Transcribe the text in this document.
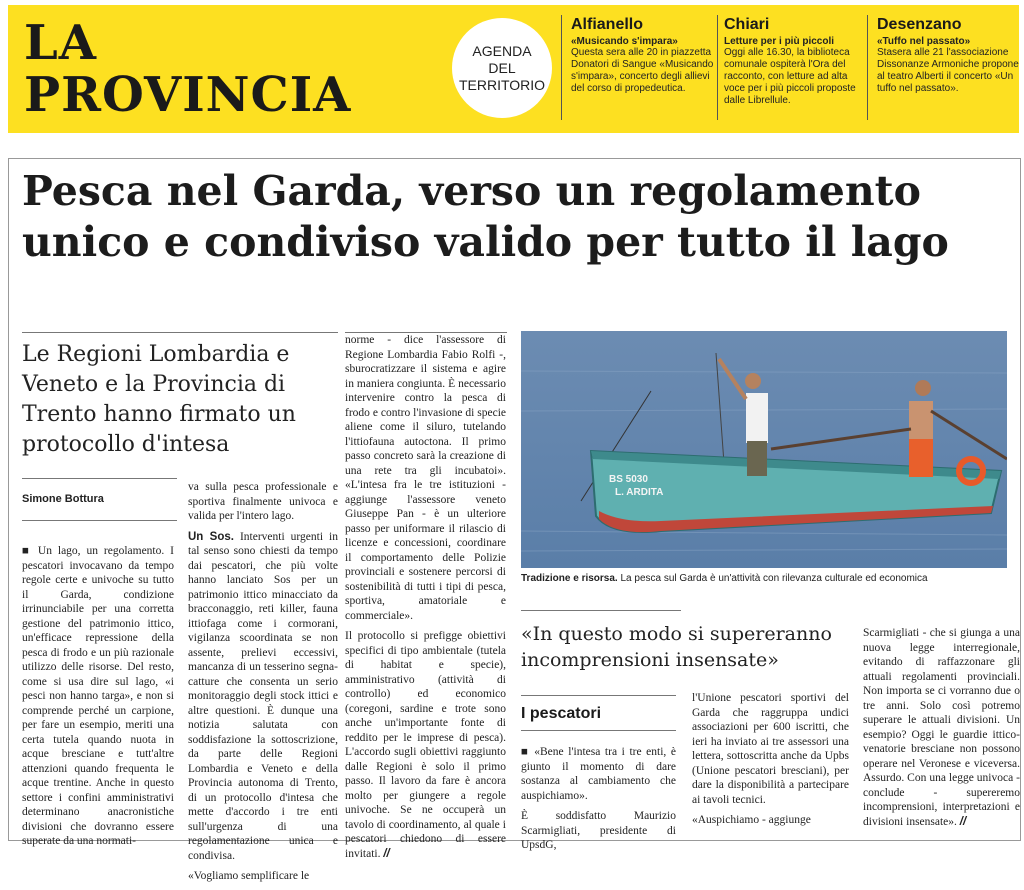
LA
PROVINCIA
AGENDA
DEL
TERRITORIO
Alfianello
«Musicando s'impara»
Questa sera alle 20 in piazzetta Donatori di Sangue «Musicando s'impara», concerto degli allievi del corso di propedeutica.
Chiari
Letture per i più piccoli
Oggi alle 16.30, la biblioteca comunale ospiterà l'Ora del racconto, con letture ad alta voce per i più piccoli proposte dalle Librellule.
Desenzano
«Tuffo nel passato»
Stasera alle 21 l'associazione Dissonanze Armoniche propone al teatro Alberti il concerto «Un tuffo nel passato».
Pesca nel Garda, verso un regolamento
unico e condiviso valido per tutto il lago
Le Regioni Lombardia e Veneto e la Provincia di Trento hanno firmato un protocollo d'intesa
Simone Bottura

■ Un lago, un regolamento. I pescatori invocavano da tempo regole certe e univoche su tutto il Garda, condizione irrinunciabile per una corretta gestione del patrimonio ittico, un'efficace repressione della pesca di frodo e un più razionale utilizzo delle risorse. Del resto, come si usa dire sul lago, «i pesci non hanno targa», e non si comprende perché un carpione, per fare un esempio, meriti una certa tutela quando nuota in acque bresciane e tutt'altre attenzioni quando frequenta le acque trentine. Anche in questo settore i confini amministrativi determinano anacronistiche divisioni che dovranno essere superate da una normati-

va sulla pesca professionale e sportiva finalmente univoca e valida per l'intero lago.

Un Sos. Interventi urgenti in tal senso sono chiesti da tempo dai pescatori, che più volte hanno lanciato Sos per un patrimonio ittico minacciato da bracconaggio, reti killer, fauna ittiofaga come i cormorani, vigilanza scoordinata se non assente, prelievi eccessivi, mancanza di un tesserino segna-catture che consenta un serio monitoraggio degli stock ittici e altre questioni. È dunque una notizia salutata con soddisfazione la sottoscrizione, da parte delle Regioni Lombardia e Veneto e della Provincia autonoma di Trento, di un protocollo d'intesa che mette d'accordo i tre enti sull'urgenza di una regolamentazione unica e condivisa.

«Vogliamo semplificare le

norme - dice l'assessore di Regione Lombardia Fabio Rolfi -, sburocratizzare il sistema e agire in maniera congiunta. È necessario intervenire contro la pesca di frodo e contro l'invasione di specie aliene come il siluro, tutelando l'ittiofauna autoctona. Il primo passo concreto sarà la creazione di una rete tra gli incubatoi». «L'intesa fra le tre istituzioni - aggiunge l'assessore veneto Giuseppe Pan - è un ulteriore passo per uniformare il rilascio di licenze e concessioni, coordinare il comportamento delle Polizie provinciali e sostenere percorsi di sostenibilità di tutti i tipi di pesca, sportiva, amatoriale e commerciale».

Il protocollo si prefigge obiettivi specifici di tipo ambientale (tutela di habitat e specie), amministrativo (attività di controllo) ed economico (coregoni, sardine e trote sono anche un'importante fonte di reddito per le imprese di pesca). L'accordo sugli obiettivi raggiunto dalle Regioni è solo il primo passo. Il lavoro da fare è ancora molto per giungere a regole univoche. Se ne occuperà un tavolo di coordinamento, al quale i pescatori chiedono di essere invitati. //

BS 5030
L. ARDITA
Tradizione e risorsa. La pesca sul Garda è un'attività con rilevanza culturale ed economica
«In questo modo si supereranno incomprensioni insensate»
I pescatori

■ «Bene l'intesa tra i tre enti, è giunto il momento di dare sostanza al cambiamento che auspichiamo».

È soddisfatto Maurizio Scarmigliati, presidente di UpsdG,

l'Unione pescatori sportivi del Garda che raggruppa undici associazioni per 600 iscritti, che ieri ha inviato ai tre assessori una lettera, sottoscritta anche da Upbs (Unione pescatori bresciani), per dare la disponibilità a partecipare ai tavoli tecnici.

«Auspichiamo - aggiunge

Scarmigliati - che si giunga a una nuova legge interregionale, evitando di raffazzonare gli attuali regolamenti provinciali. Non importa se ci vorranno due o tre anni. Solo così potremo superare le attuali divisioni. Un esempio? Oggi le guardie ittico-venatorie bresciane non possono operare nel Veronese e viceversa. Assurdo. Con una legge univoca - conclude - supereremo incomprensioni, interpretazioni e divisioni insensate». //
